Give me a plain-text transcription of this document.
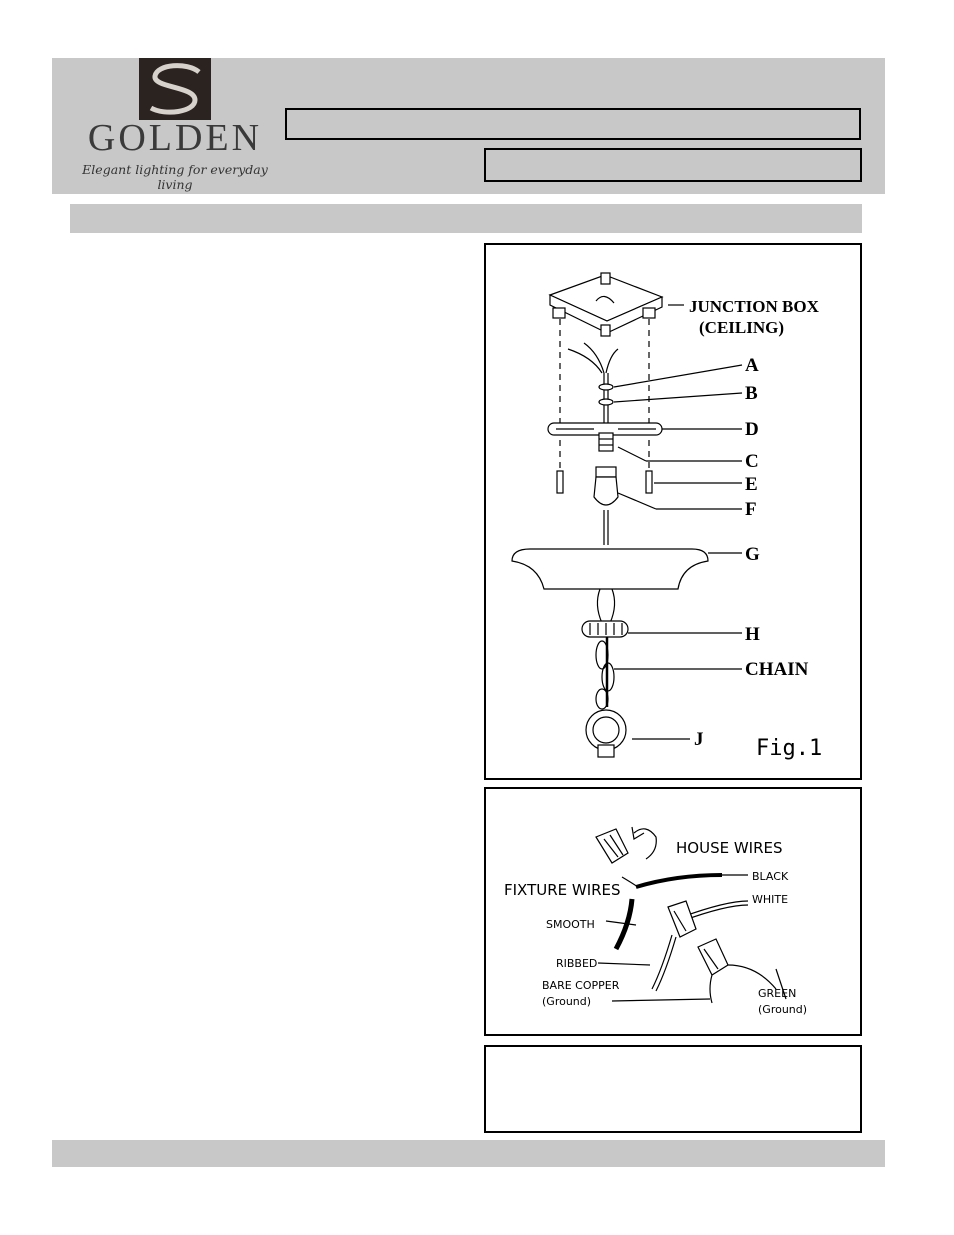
GOLDEN
Elegant lighting for everyday living
JUNCTION BOX
(CEILING)
A
B
D
C
E
F
G
H
CHAIN
J Fig.1
HOUSE WIRES
FIXTURE WIRES
BLACK
WHITE
SMOOTH
RIBBED
BARE COPPER
(Ground)
GREEN
(Ground)
